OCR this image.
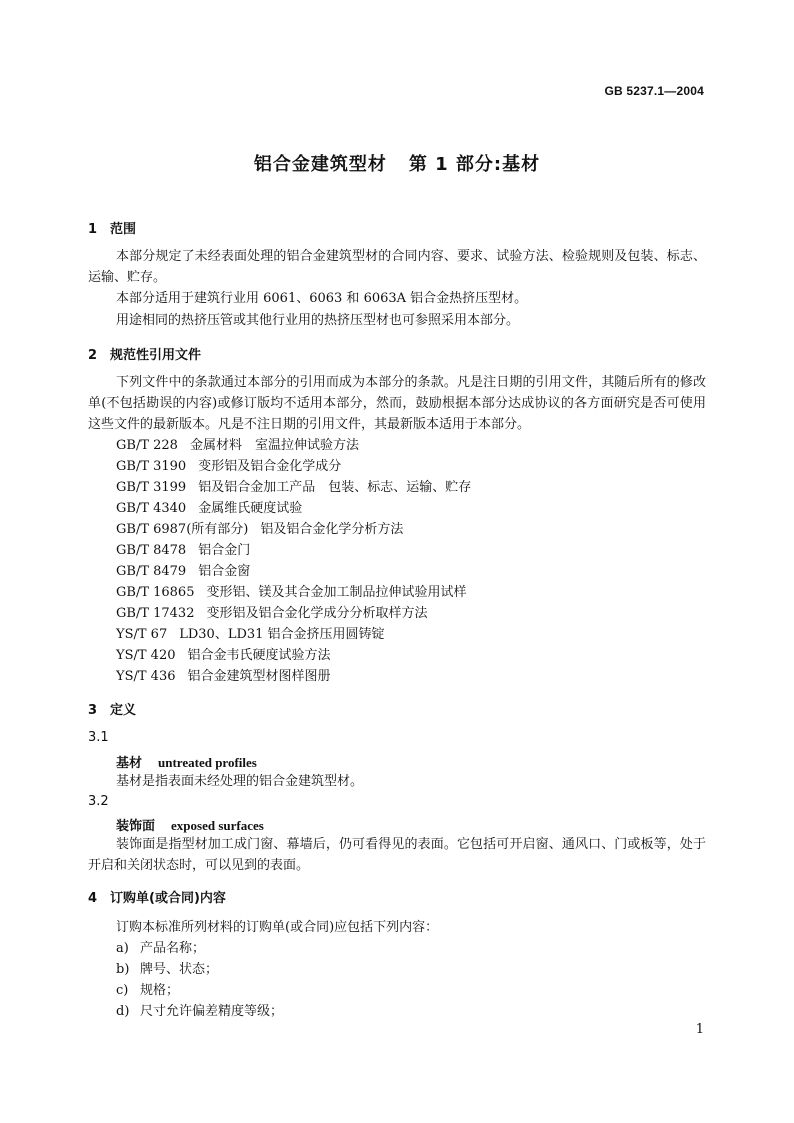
GB 5237.1—2004
铝合金建筑型材 第 1 部分:基材
1 范围
本部分规定了未经表面处理的铝合金建筑型材的合同内容、要求、试验方法、检验规则及包装、标志、运输、贮存。
本部分适用于建筑行业用 6061、6063 和 6063A 铝合金热挤压型材。
用途相同的热挤压管或其他行业用的热挤压型材也可参照采用本部分。
2 规范性引用文件
下列文件中的条款通过本部分的引用而成为本部分的条款。凡是注日期的引用文件，其随后所有的修改单(不包括勘误的内容)或修订版均不适用本部分，然而，鼓励根据本部分达成协议的各方面研究是否可使用这些文件的最新版本。凡是不注日期的引用文件，其最新版本适用于本部分。
GB/T 228 金属材料　室温拉伸试验方法
GB/T 3190 变形铝及铝合金化学成分
GB/T 3199 铝及铝合金加工产品　包装、标志、运输、贮存
GB/T 4340 金属维氏硬度试验
GB/T 6987(所有部分) 铝及铝合金化学分析方法
GB/T 8478 铝合金门
GB/T 8479 铝合金窗
GB/T 16865 变形铝、镁及其合金加工制品拉伸试验用试样
GB/T 17432 变形铝及铝合金化学成分分析取样方法
YS/T 67 LD30、LD31 铝合金挤压用圆铸锭
YS/T 420 铝合金韦氏硬度试验方法
YS/T 436 铝合金建筑型材图样图册
3 定义
3.1
基材 untreated profiles
基材是指表面未经处理的铝合金建筑型材。
3.2
装饰面 exposed surfaces
装饰面是指型材加工成门窗、幕墙后，仍可看得见的表面。它包括可开启窗、通风口、门或板等，处于开启和关闭状态时，可以见到的表面。
4 订购单(或合同)内容
订购本标准所列材料的订购单(或合同)应包括下列内容：
a) 产品名称；
b) 牌号、状态；
c) 规格；
d) 尺寸允许偏差精度等级；
1
